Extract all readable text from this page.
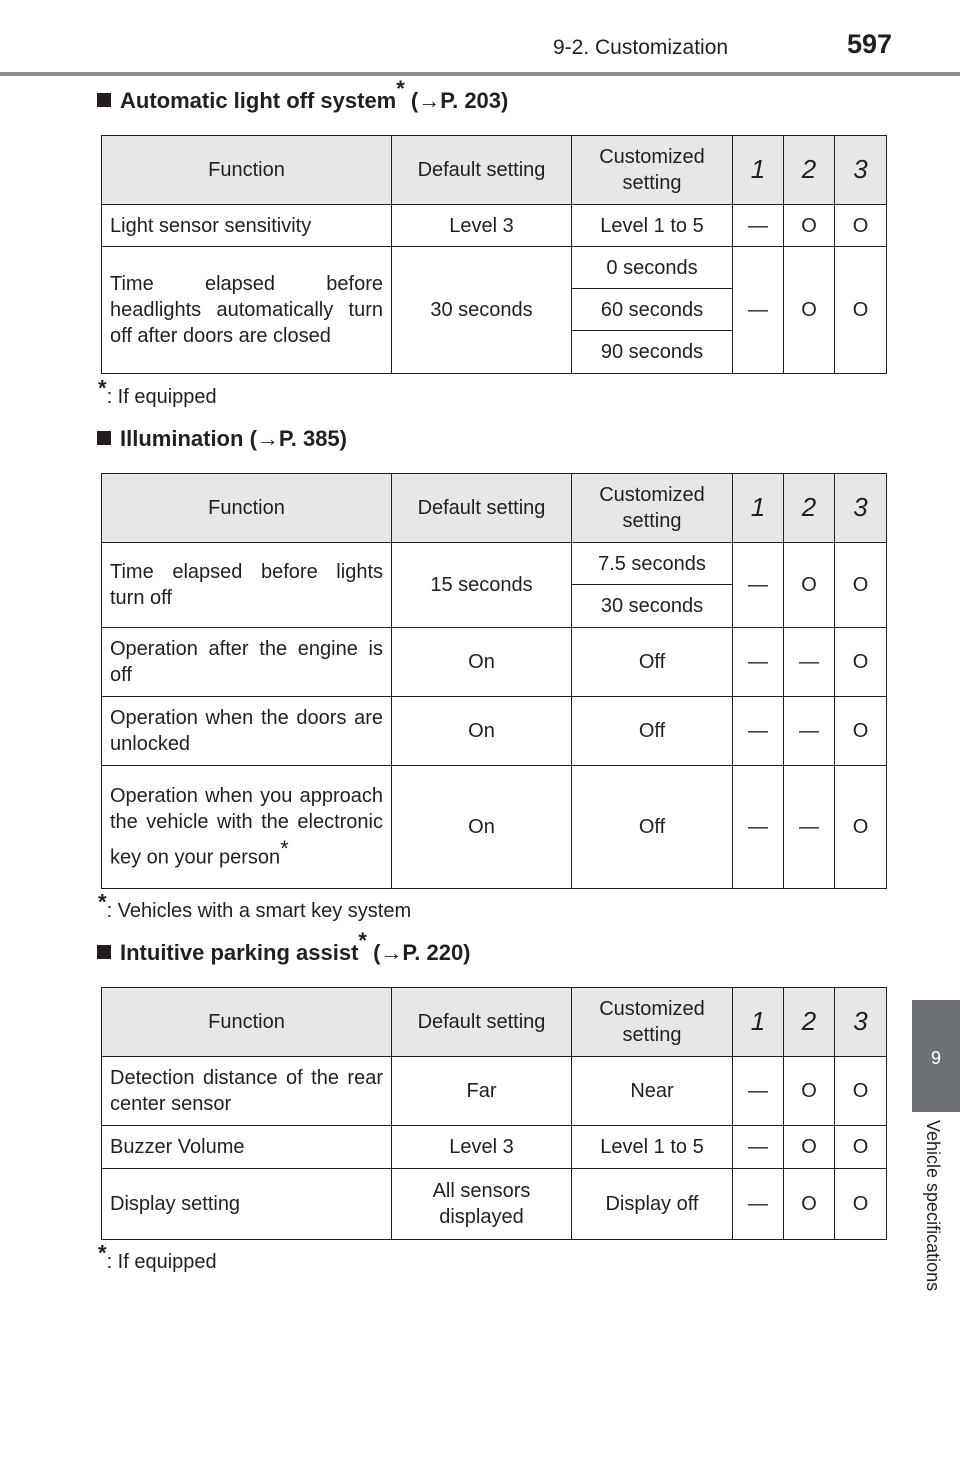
9-2. Customization	597
9
Vehicle specifications
Automatic light off system* (→P. 203)
Function	Default setting	Customized setting	1	2	3
Light sensor sensitivity	Level 3	Level 1 to 5	—	O	O
Time elapsed before headlights automatically turn off after doors are closed	30 seconds	0 seconds	—	O	O
		60 seconds			
		90 seconds			
*: If equipped
Illumination (→P. 385)
Function	Default setting	Customized setting	1	2	3
Time elapsed before lights turn off	15 seconds	7.5 seconds	—	O	O
		30 seconds			
Operation after the engine is off	On	Off	—	—	O
Operation when the doors are unlocked	On	Off	—	—	O
Operation when you approach the vehicle with the electronic key on your person*	On	Off	—	—	O
*: Vehicles with a smart key system
Intuitive parking assist* (→P. 220)
Function	Default setting	Customized setting	1	2	3
Detection distance of the rear center sensor	Far	Near	—	O	O
Buzzer Volume	Level 3	Level 1 to 5	—	O	O
Display setting	All sensors displayed	Display off	—	O	O
*: If equipped
